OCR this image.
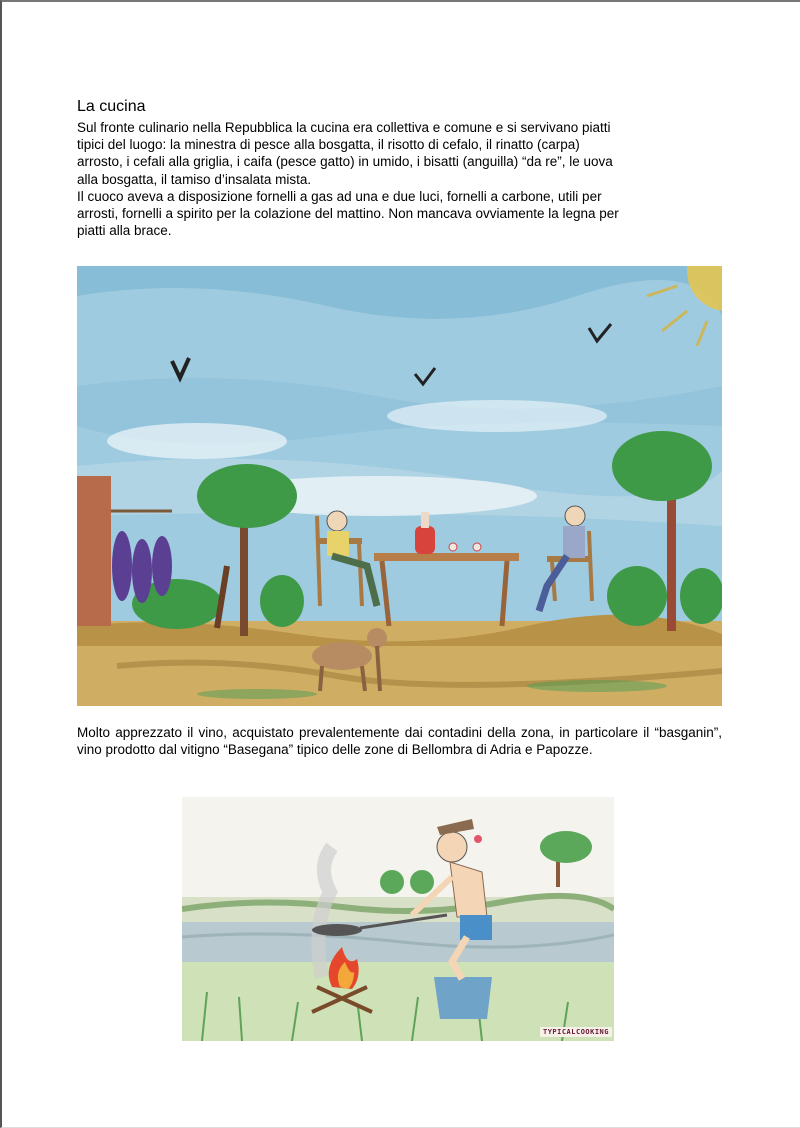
La cucina

Sul fronte culinario nella Repubblica la cucina era collettiva e comune e si servivano piatti
tipici del luogo: la minestra di pesce alla bosgatta, il risotto di cefalo, il rinatto (carpa)
arrosto, i cefali alla griglia, i caifa (pesce gatto) in umido, i bisatti (anguilla) “da re”, le uova
alla bosgatta, il tamiso d’insalata mista.

Il cuoco aveva a disposizione fornelli a gas ad una e due luci, fornelli a carbone, utili per
arrosti, fornelli a spirito per la colazione del mattino. Non mancava ovviamente la legna per
piatti alla brace.

Molto apprezzato il vino, acquistato prevalentemente dai contadini della zona, in particolare il “basganin”, vino prodotto dal vitigno “Basegana” tipico delle zone di Bellombra di Adria e Papozze.

TYPICALCOOKING
